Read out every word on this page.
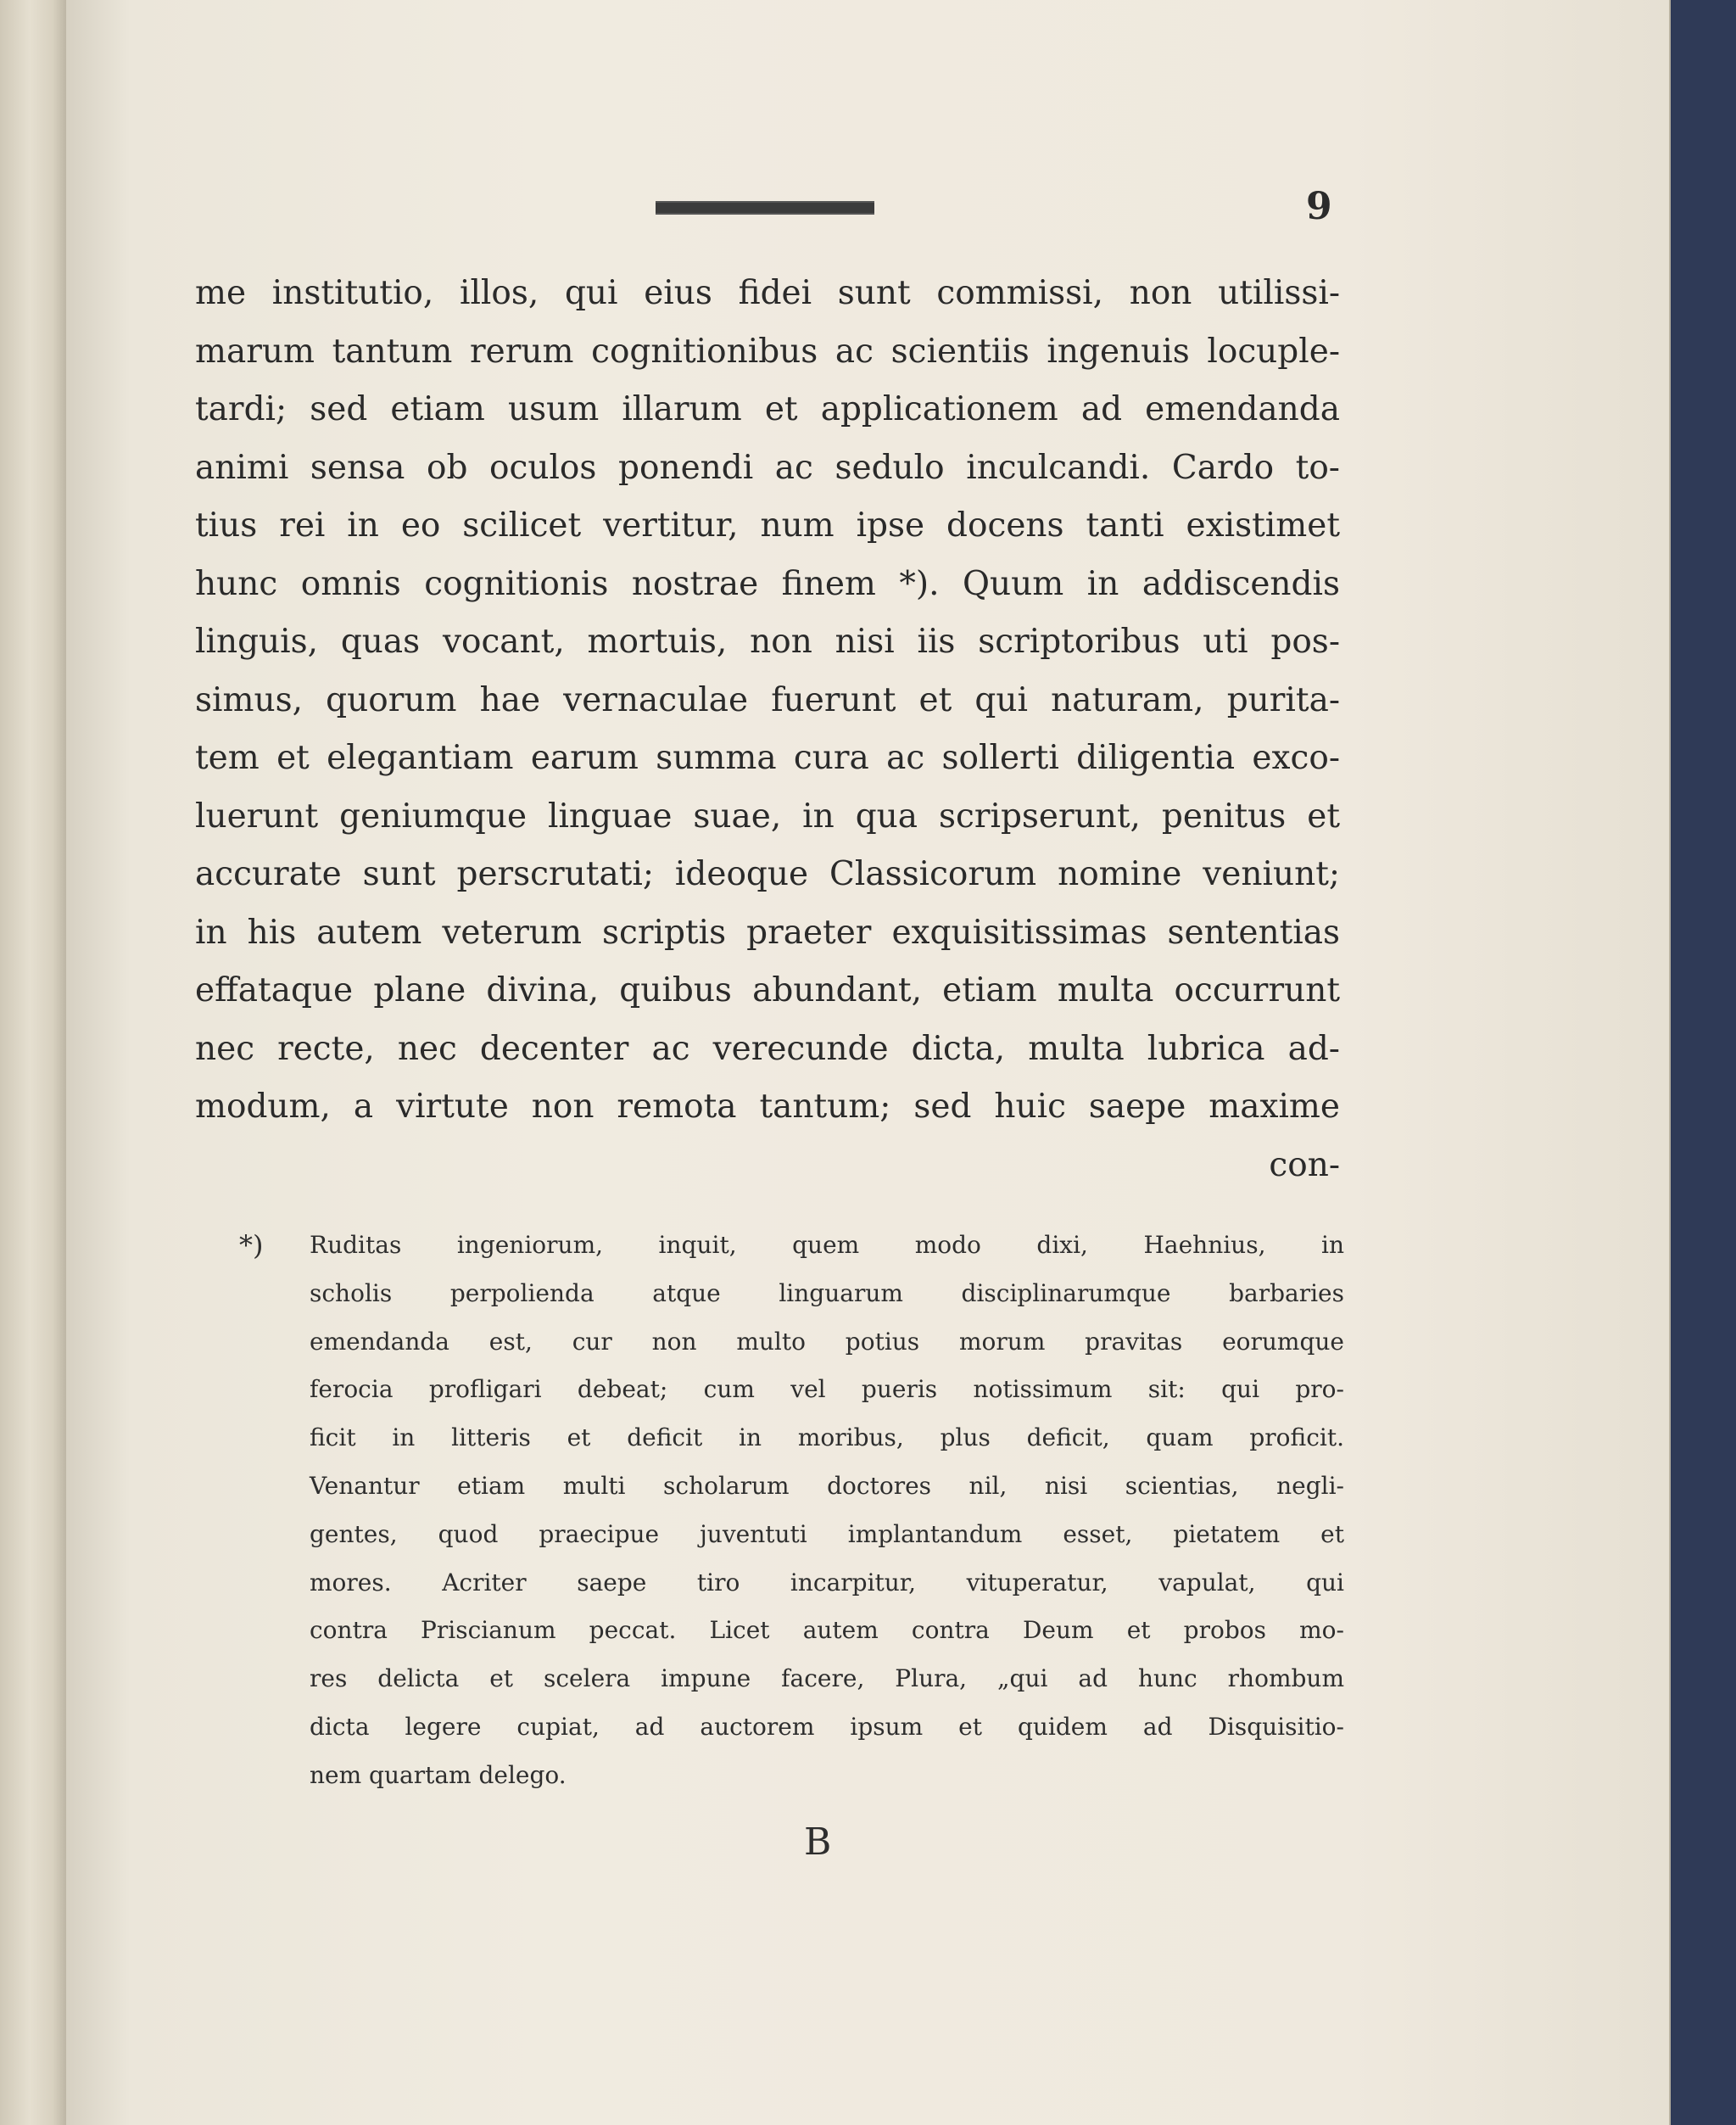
9
me institutio, illos, qui eius fidei sunt commissi, non utilissi-
marum tantum rerum cognitionibus ac scientiis ingenuis locuple-
tardi; sed etiam usum illarum et applicationem ad emendanda
animi sensa ob oculos ponendi ac sedulo inculcandi. Cardo to-
tius rei in eo scilicet vertitur, num ipse docens tanti existimet
hunc omnis cognitionis nostrae finem *). Quum in addiscendis
linguis, quas vocant, mortuis, non nisi iis scriptoribus uti pos-
simus, quorum hae vernaculae fuerunt et qui naturam, purita-
tem et elegantiam earum summa cura ac sollerti diligentia exco-
luerunt geniumque linguae suae, in qua scripserunt, penitus et
accurate sunt perscrutati; ideoque Classicorum nomine veniunt;
in his autem veterum scriptis praeter exquisitissimas sententias
effataque plane divina, quibus abundant, etiam multa occurrunt
nec recte, nec decenter ac verecunde dicta, multa lubrica ad-
modum, a virtute non remota tantum; sed huic saepe maxime
con-
*)	Ruditas ingeniorum, inquit, quem modo dixi, Haehnius, in
scholis perpolienda atque linguarum disciplinarumque barbaries
emendanda est, cur non multo potius morum pravitas eorumque
ferocia profligari debeat; cum vel pueris notissimum sit: qui pro-
ficit in litteris et deficit in moribus, plus deficit, quam proficit.
Venantur etiam multi scholarum doctores nil, nisi scientias, negli-
gentes, quod praecipue juventuti implantandum esset, pietatem et
mores. Acriter saepe tiro incarpitur, vituperatur, vapulat, qui
contra Priscianum peccat. Licet autem contra Deum et probos mo-
res delicta et scelera impune facere, Plura, „qui ad hunc rhombum
dicta legere cupiat, ad auctorem ipsum et quidem ad Disquisitio-
nem quartam delego.
B
